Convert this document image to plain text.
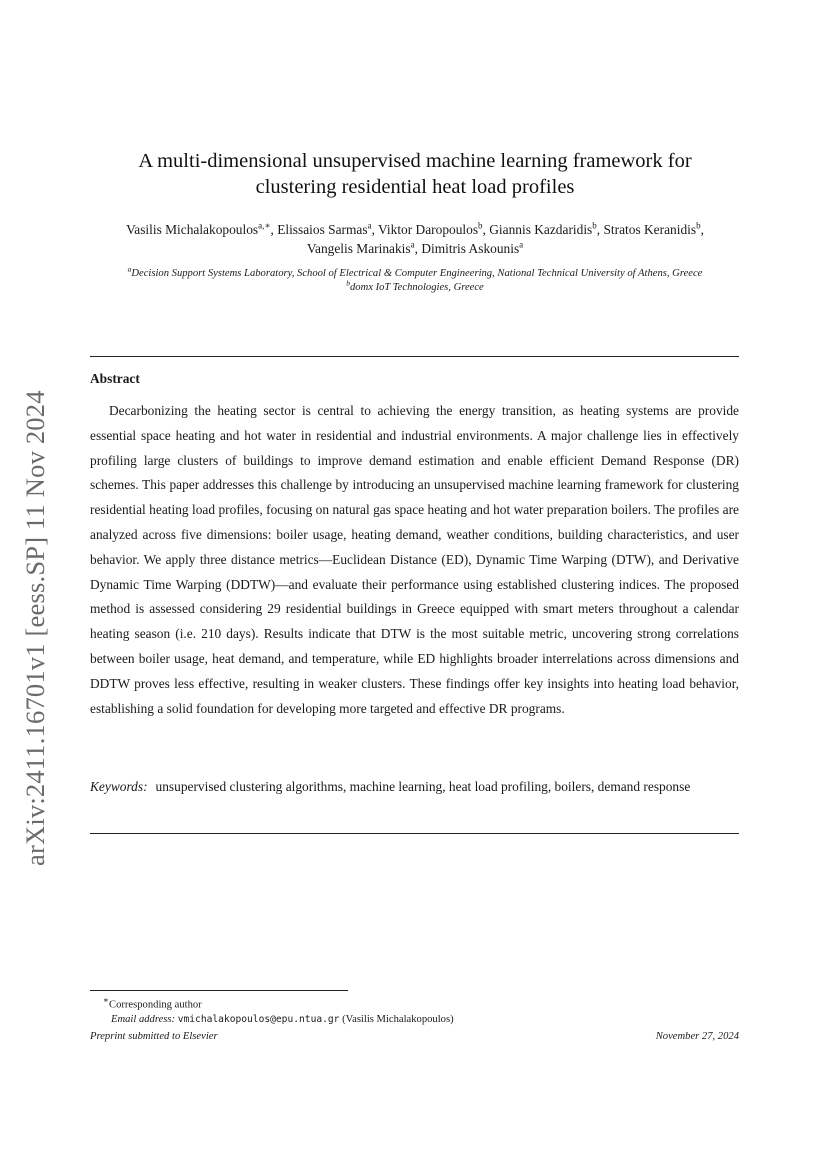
arXiv:2411.16701v1 [eess.SP] 11 Nov 2024
A multi-dimensional unsupervised machine learning framework for
clustering residential heat load profiles
Vasilis Michalakopoulos$^{a,∗}$, Elissaios Sarmas$^a$, Viktor Daropoulos$^b$, Giannis Kazdaridis$^b$, Stratos Keranidis$^b$, Vangelis Marinakis$^a$, Dimitris Askounis$^a$
$^a$Decision Support Systems Laboratory, School of Electrical & Computer Engineering, National Technical University of Athens, Greece
$^b$domx IoT Technologies, Greece
Abstract

Decarbonizing the heating sector is central to achieving the energy transition, as heating systems are provide essential space heating and hot water in residential and industrial environments. A major challenge lies in effectively profiling large clusters of buildings to improve demand estimation and enable efficient Demand Response (DR) schemes. This paper addresses this challenge by introducing an unsupervised machine learning framework for clustering residential heating load profiles, focusing on natural gas space heating and hot water preparation boilers. The profiles are analyzed across five dimensions: boiler usage, heating demand, weather conditions, building characteristics, and user behavior. We apply three distance metrics—Euclidean Distance (ED), Dynamic Time Warping (DTW), and Derivative Dynamic Time Warping (DDTW)—and evaluate their performance using established clustering indices. The proposed method is assessed considering 29 residential buildings in Greece equipped with smart meters throughout a calendar heating season (i.e. 210 days). Results indicate that DTW is the most suitable metric, uncovering strong correlations between boiler usage, heat demand, and temperature, while ED highlights broader interrelations across dimensions and DDTW proves less effective, resulting in weaker clusters. These findings offer key insights into heating load behavior, establishing a solid foundation for developing more targeted and effective DR programs.

Keywords: unsupervised clustering algorithms, machine learning, heat load profiling, boilers, demand response

∗Corresponding author
Email address: vmichalakopoulos@epu.ntua.gr (Vasilis Michalakopoulos)
Preprint submitted to Elsevier	November 27, 2024
